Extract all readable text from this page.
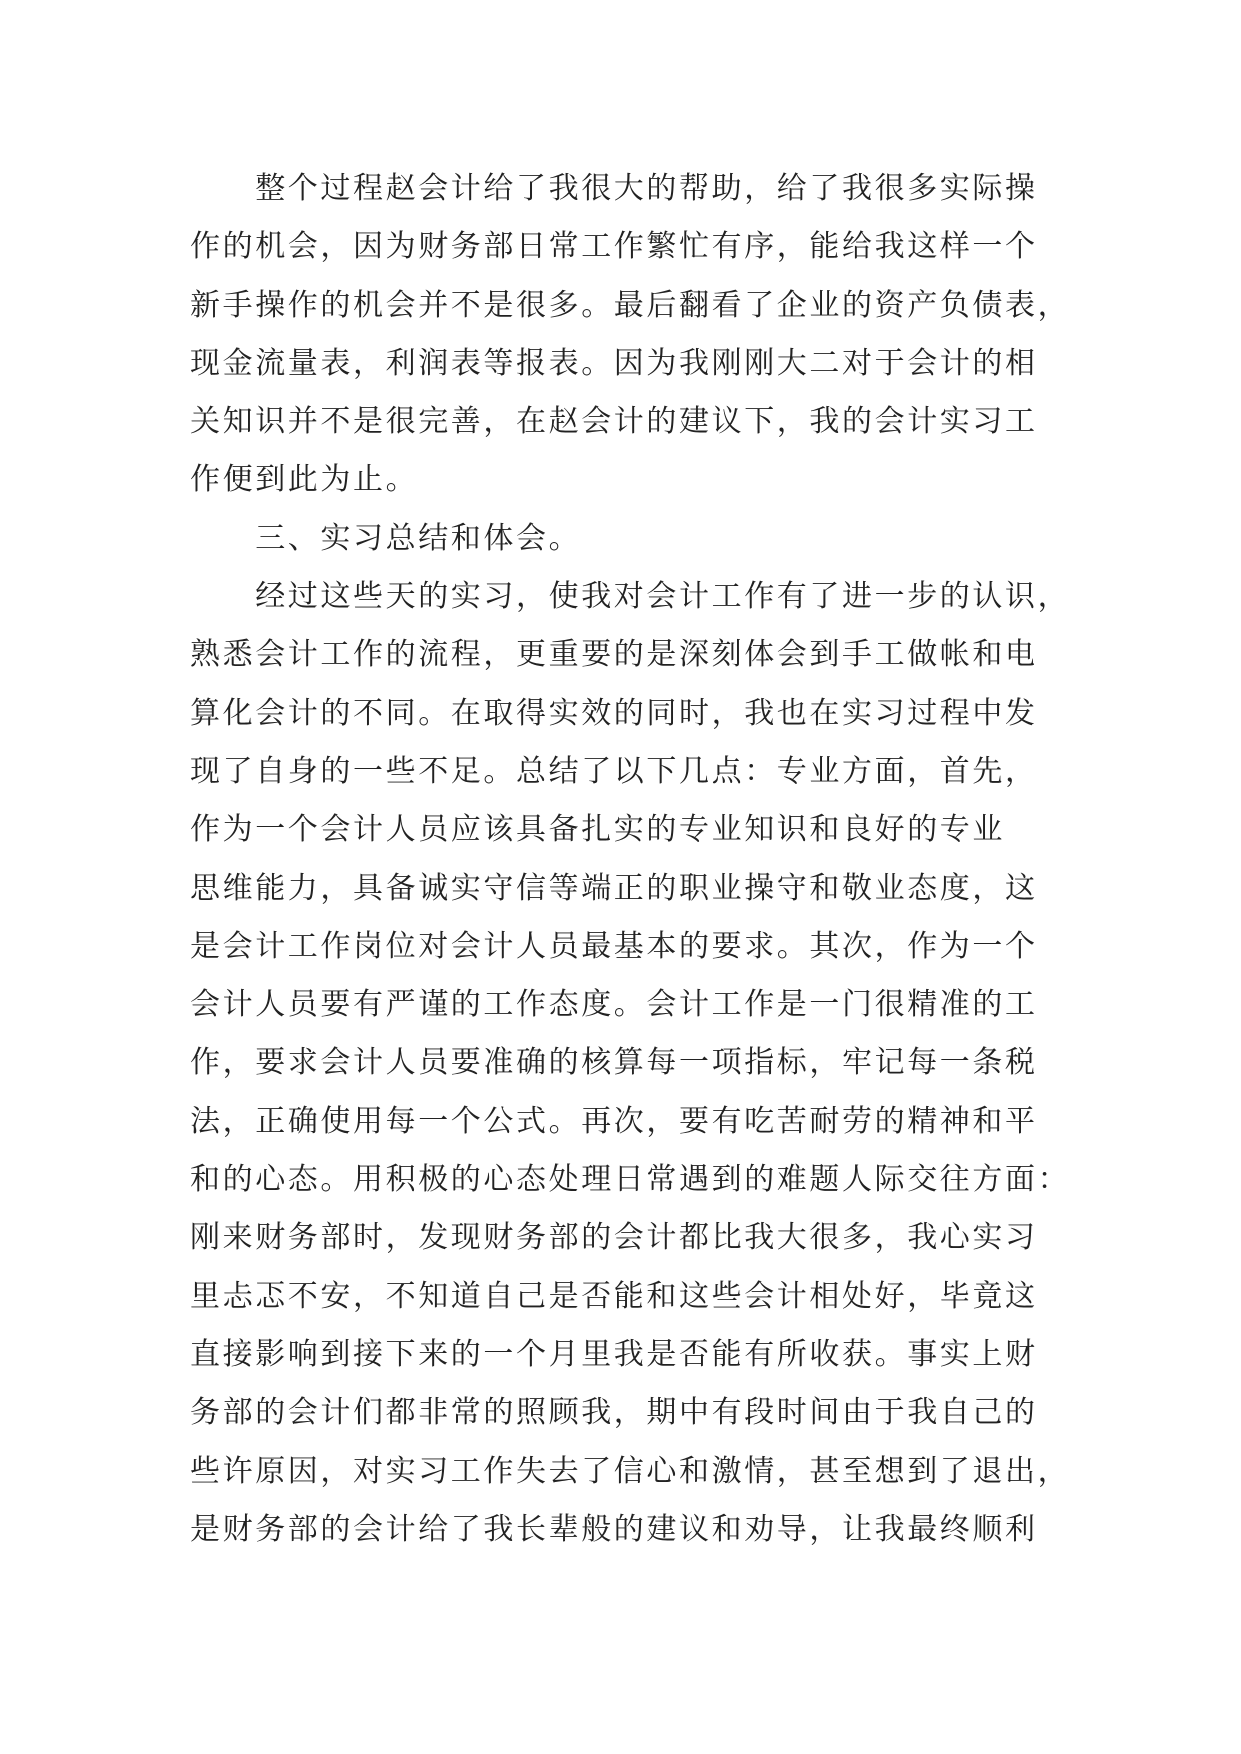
　　整个过程赵会计给了我很大的帮助，给了我很多实际操
作的机会，因为财务部日常工作繁忙有序，能给我这样一个
新手操作的机会并不是很多。最后翻看了企业的资产负债表，
现金流量表，利润表等报表。因为我刚刚大二对于会计的相
关知识并不是很完善，在赵会计的建议下，我的会计实习工
作便到此为止。
　　三、实习总结和体会。
　　经过这些天的实习，使我对会计工作有了进一步的认识，
熟悉会计工作的流程，更重要的是深刻体会到手工做帐和电
算化会计的不同。在取得实效的同时，我也在实习过程中发
现了自身的一些不足。总结了以下几点：专业方面，首先，
作为一个会计人员应该具备扎实的专业知识和良好的专业
思维能力，具备诚实守信等端正的职业操守和敬业态度，这
是会计工作岗位对会计人员最基本的要求。其次，作为一个
会计人员要有严谨的工作态度。会计工作是一门很精准的工
作，要求会计人员要准确的核算每一项指标，牢记每一条税
法，正确使用每一个公式。再次，要有吃苦耐劳的精神和平
和的心态。用积极的心态处理日常遇到的难题人际交往方面：
刚来财务部时，发现财务部的会计都比我大很多，我心实习
里忐忑不安，不知道自己是否能和这些会计相处好，毕竟这
直接影响到接下来的一个月里我是否能有所收获。事实上财
务部的会计们都非常的照顾我，期中有段时间由于我自己的
些许原因，对实习工作失去了信心和激情，甚至想到了退出，
是财务部的会计给了我长辈般的建议和劝导，让我最终顺利
